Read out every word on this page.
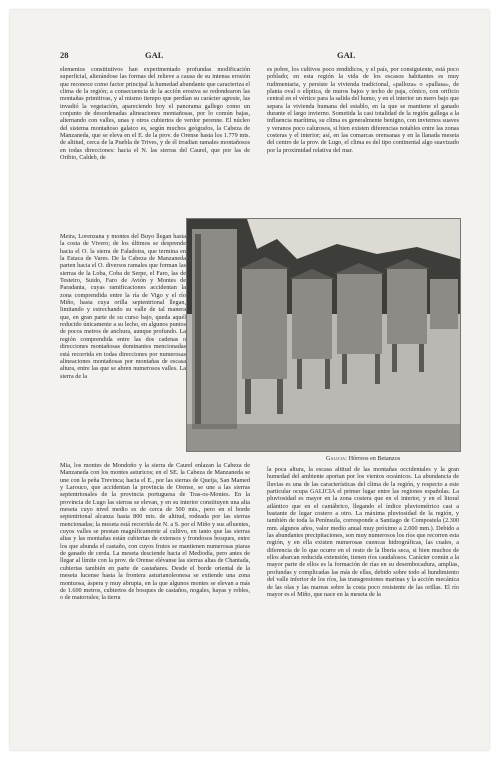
28	GAL	GAL

elementos constitutivos han experimentado profundas modificación superficial, alterándose las formas del relieve a causa de su intensa erosión que reconoce como factor principal la humedad abundante que caracteriza el clima de la región; a consecuencia de la acción erosiva se redondearon las montañas primitivas, y al mismo tiempo que perdían su carácter agreste, las invadió la vegetación, apareciendo hoy el panorama gallego como un conjunto de desordenadas alineaciones montañosas, por lo común bajas, alternando con valles, unas y otros cubiertos de verdor perenne. El núcleo del sistema montañoso galaico es, según muchos geógrafos, la Cabeza de Manzaneda, que se eleva en el E. de la prov. de Orense hasta los 1.779 mts. de altitud, cerca de la Puebla de Trives, y de él irradian ramales montañosos en todas direcciones: hacia el N. las sierras del Caurel, que por las de Oribio, Caldeb, de

es pobre, los cultivos poco rendidicos, y el país, por consiguiente, está poco poblado; en esta región la vida de los escasos habitantes es muy rudimentaria, y persiste la vivienda tradicional, «palloza» o «pallasa», de planta oval o elíptica, de muros bajos y techo de paja, cónico, con orificio central en el vértice para la salida del humo, y en el interior un mero bajo que separa la vivienda humana del establo, en la que se mantiene el ganado durante el largo invierno. Sometida la casi totalidad de la región gallega a la influencia marítima, su clima es generalmente benigno, con inviernos suaves y veranos poco calurosos, si bien existen diferencias notables entre las zonas costeras y el interior; así, en las comarcas orensanas y en la llanada meseta del centro de la prov. de Lugo, el clima es del tipo continental algo suavizado por la proximidad relativa del mar.

Meira, Lorenzana y montes del Buyo llegan hasta la costa de Vivero; de los últimos se desprende hacia el O. la sierra de Faladoira, que termina en la Estaca de Vares. De la Cabeza de Manzaneda parten hacia el O. diversos ramales que forman las sierras de la Loba, Coba de Serpe, el Faro, las de Testeiro, Suido, Faro de Avión y Montes de Paradanta, cuyas ramificaciones accidentan la zona comprendida entre la ría de Vigo y el río Miño, hasta cuya orilla septentrional llegan, limitando y estrechando su valle de tal manera que, en gran parte de su curso bajo, queda aquél reducido únicamente a su lecho, en algunos puntos de pocos metros de anchura, aunque profundo. La región comprendida entre las dos cadenas o direcciones montañosas dominantes mencionadas está recorrida en todas direcciones por numerosas alineaciones montañosas por montañas de escasa altura, entre las que se abren numerosos valles. La sierra de la

Galicia: Hórreos en Betanzos

Mia, los montes de Mondoño y la sierra de Caurel enlazan la Cabeza de Manzaneda con los montes asturicos; en el SE. la Cabeza de Manzaneda se une con la peña Trevinca; hacia el E., por las sierras de Queija, San Mamed y Larouco, que accidentan la provincia de Orense, se une a las sierras septentrionales de la provincia portuguesa de Tras-os-Montes. En la provincia de Lugo las sierras se elevan, y en su interior constituyen una alta meseta cuyo nivel medio es de cerca de 500 mts., pero en el borde septentrional alcanza hasta 800 mts. de altitud, rodeada por las sierras mencionadas; la meseta está recorrida de N. a S. por el Miño y sus afluentes, cuyos valles se prestan magníficamente al cultivo, en tanto que las sierras altas y las montañas están cubiertas de extensos y frondosos bosques, entre los que abunda el castaño, con cuyos frutos se mantienen numerosas piaras de ganado de cerda. La meseta desciende hacia el Mediodía, pero antes de llegar al límite con la prov. de Orense elévanse las sierras altas de Chantada, cubiertas también en parte de castañares. Desde el borde oriental de la meseta lucense hasta la frontera asturianoleonesa se extiende una zona montuosa, áspera y muy abrupta, en la que algunos montes se elevan a más de 1.600 metros, cubiertos de bosques de castaños, nogales, hayas y robles, o de matorrales; la tierra

la poca altura, la escasa altitud de las montañas occidentales y la gran humedad del ambiente aportan por los vientos oceánicos. La abundancia de lluvias es una de las características del clima de la región, y respecto a este particular ocupa GALICIA el primer lugar entre las regiones españolas. La pluviosidad es mayor en la zona costera que en el interior, y en el litoral atlántico que en el cantábrico, llegando el índice pluviométrico casi a bastante de lugar costero a otro. La máxima pluviosidad de la región, y también de toda la Península, corresponde a Santiago de Compostela (2.300 mm. algunos años, valor medio anual muy próximo a 2.000 mm.). Debido a las abundantes precipitaciones, son muy numerosos los ríos que recorren esta región, y en ella existen numerosas cuencas hidrográficas, las cuales, a diferencia de lo que ocurre en el resto de la Iberia seca, si bien muchos de ellos abarcan reducida extensión, tienen ríos caudalosos. Carácter común a la mayor parte de ellos es la formación de rías en su desembocadura, amplias, profundas y complicadas las más de ellas, debido sobre todo al hundimiento del valle inferior de los ríos, las transgresiones marinas y la acción mecánica de las olas y las mareas sobre la costa poco resistente de las orillas. El río mayor es el Miño, que nace en la meseta de la
